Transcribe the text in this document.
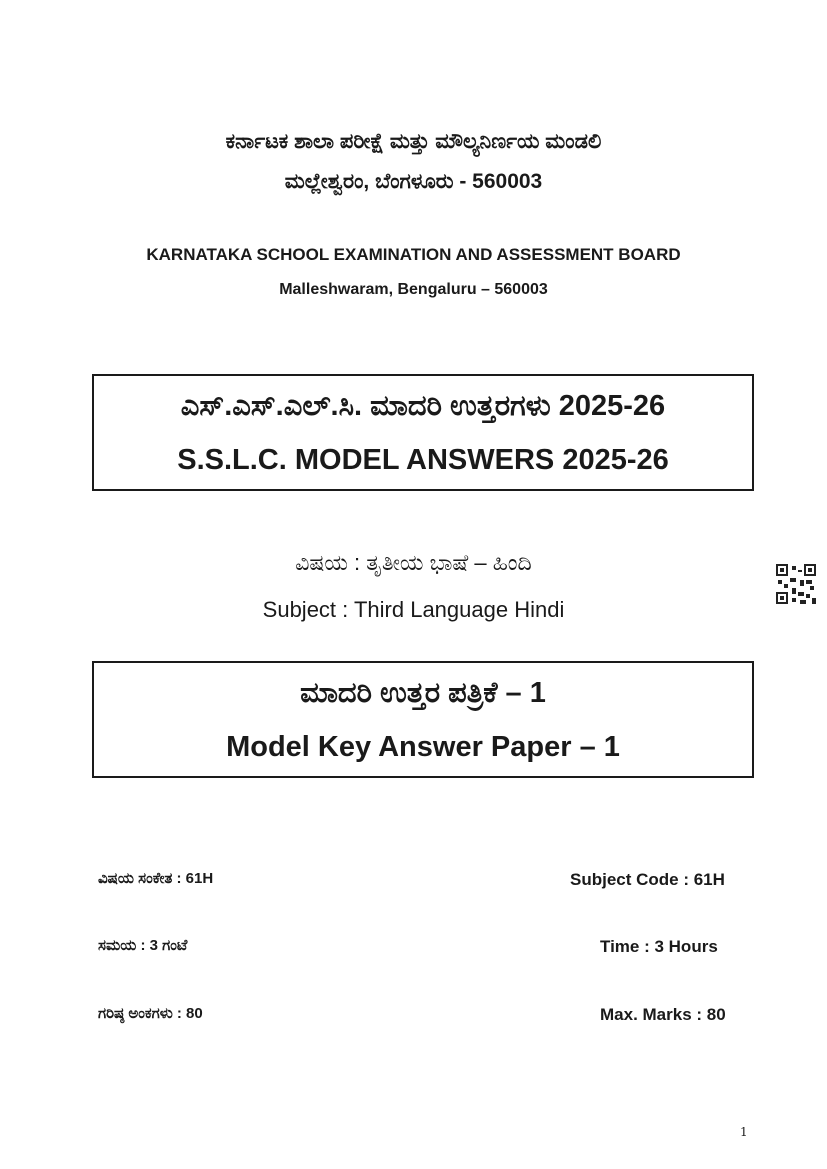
ಕರ್ನಾಟಕ ಶಾಲಾ ಪರೀಕ್ಷೆ ಮತ್ತು ಮೌಲ್ಯನಿರ್ಣಯ ಮಂಡಲಿ
ಮಲ್ಲೇಶ್ವರಂ, ಬೆಂಗಳೂರು - 560003
KARNATAKA SCHOOL EXAMINATION AND ASSESSMENT BOARD
Malleshwaram, Bengaluru – 560003
ಎಸ್.ಎಸ್.ಎಲ್.ಸಿ. ಮಾದರಿ ಉತ್ತರಗಳು 2025-26
S.S.L.C. MODEL ANSWERS 2025-26
ವಿಷಯ : ತೃತೀಯ ಭಾಷೆ – ಹಿಂದಿ
Subject : Third Language Hindi
ಮಾದರಿ ಉತ್ತರ ಪತ್ರಿಕೆ – 1
Model Key Answer Paper – 1
ವಿಷಯ ಸಂಕೇತ : 61H
ಸಮಯ : 3 ಗಂಟೆ
ಗರಿಷ್ಠ ಅಂಕಗಳು : 80
Subject Code : 61H
Time : 3 Hours
Max. Marks : 80
1
